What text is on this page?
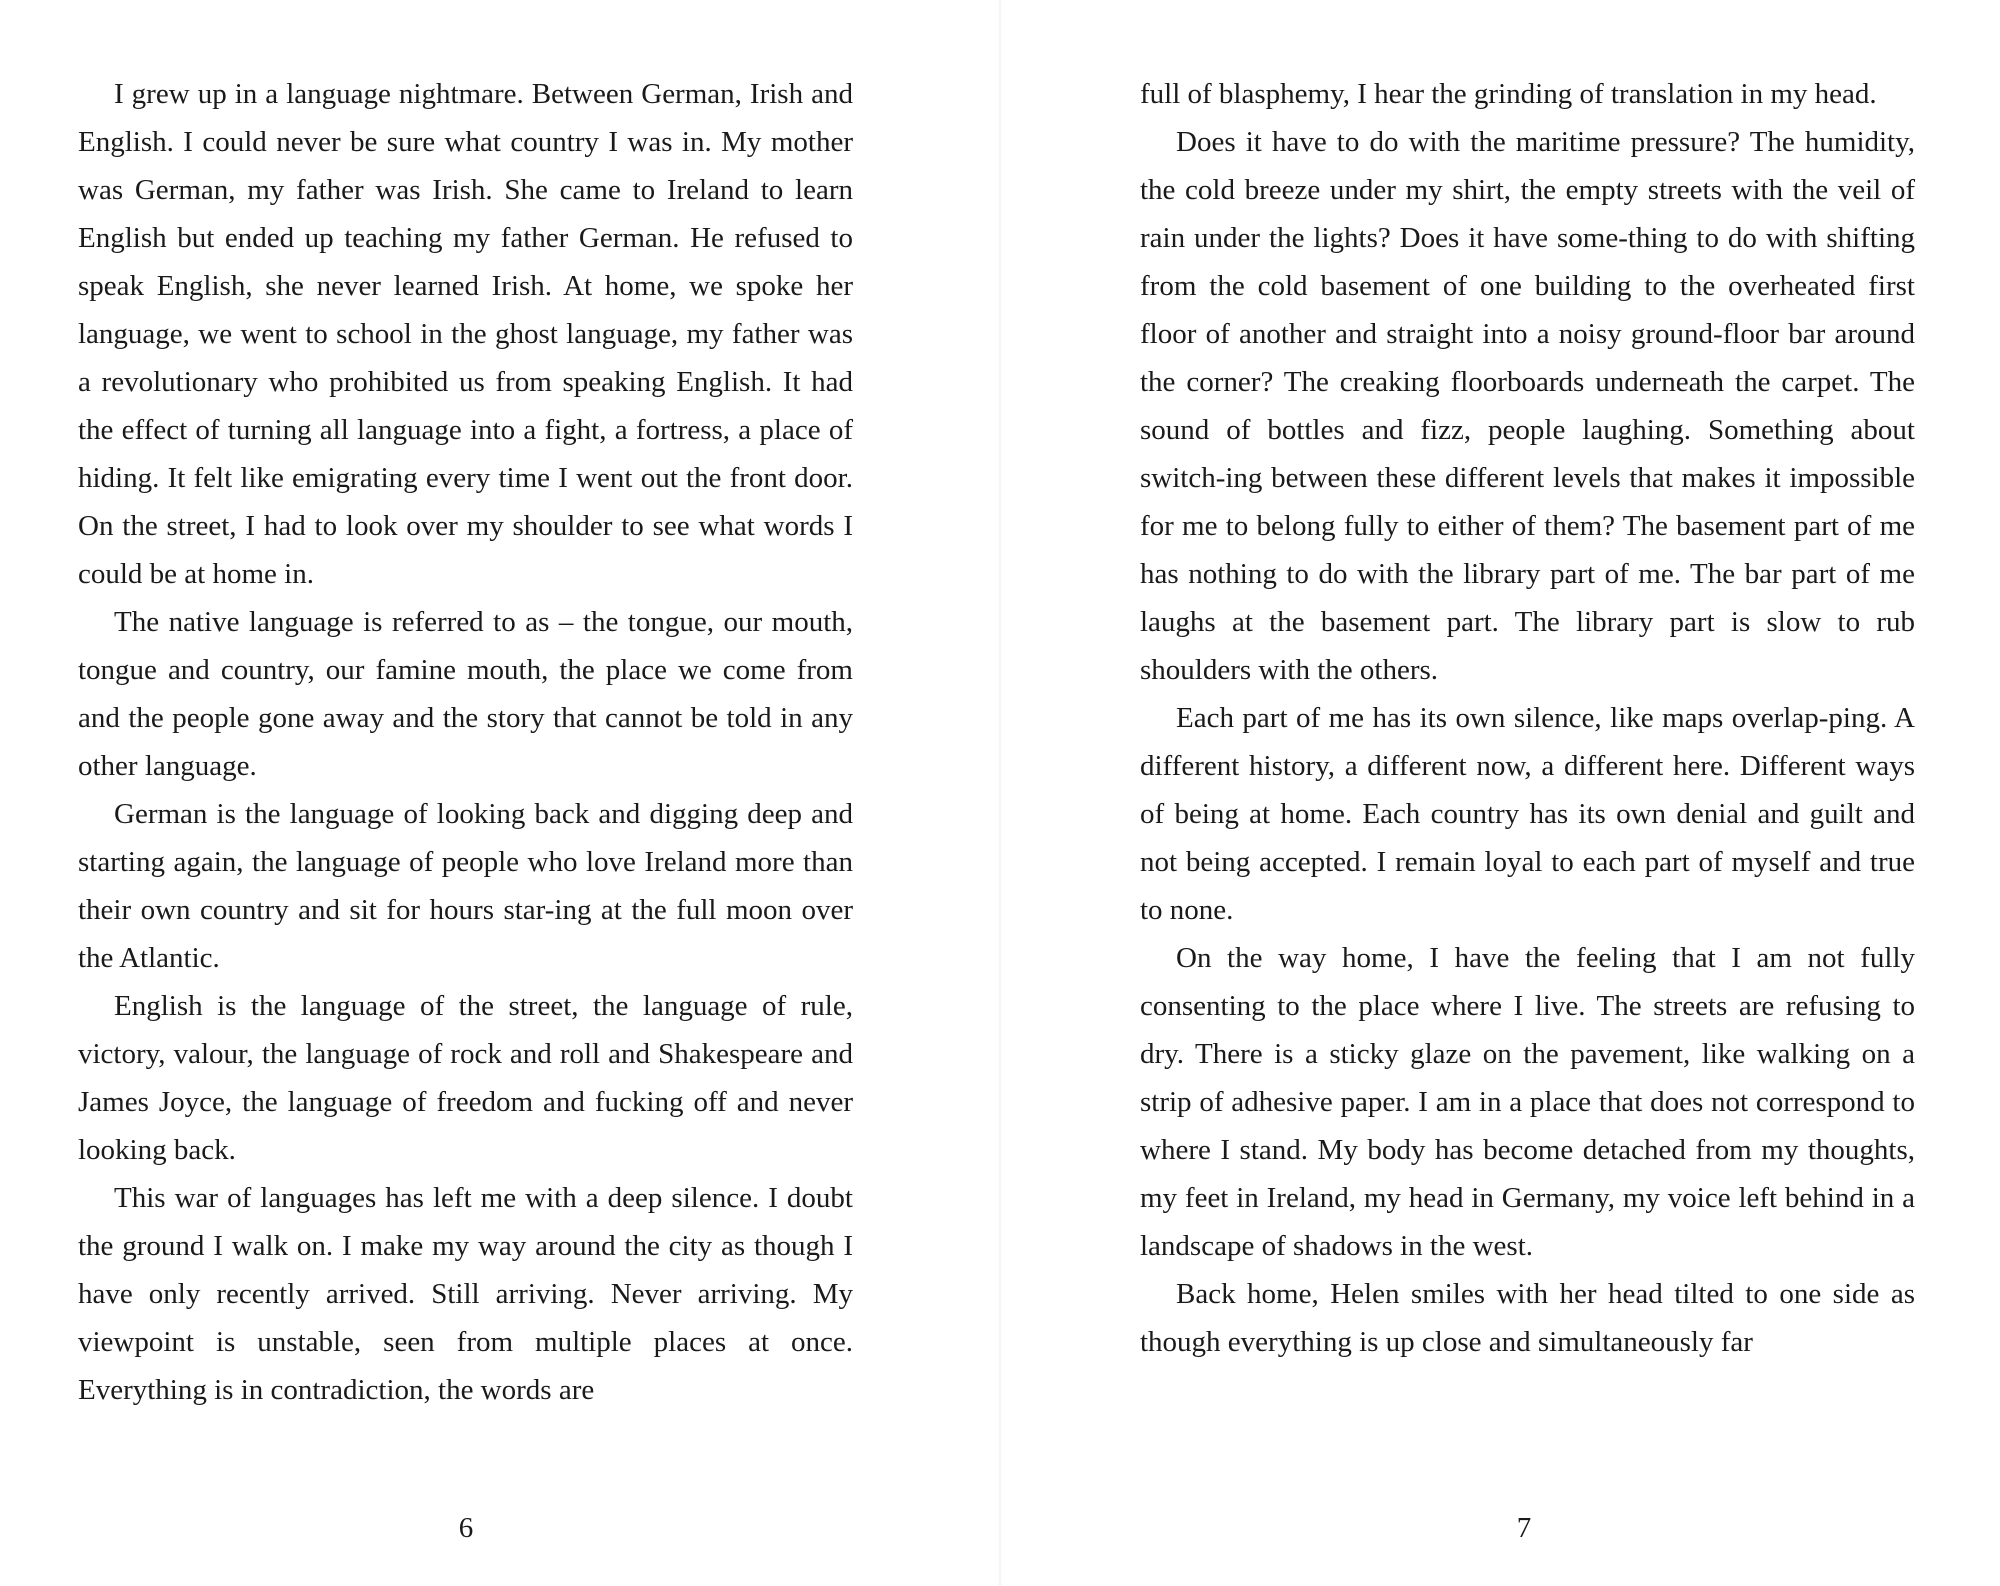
I grew up in a language nightmare. Between German, Irish and English. I could never be sure what country I was in. My mother was German, my father was Irish. She came to Ireland to learn English but ended up teaching my father German. He refused to speak English, she never learned Irish. At home, we spoke her language, we went to school in the ghost language, my father was a revolutionary who prohibited us from speaking English. It had the effect of turning all language into a fight, a fortress, a place of hiding. It felt like emigrating every time I went out the front door. On the street, I had to look over my shoulder to see what words I could be at home in.

The native language is referred to as – the tongue, our mouth, tongue and country, our famine mouth, the place we come from and the people gone away and the story that cannot be told in any other language.

German is the language of looking back and digging deep and starting again, the language of people who love Ireland more than their own country and sit for hours star-ing at the full moon over the Atlantic.

English is the language of the street, the language of rule, victory, valour, the language of rock and roll and Shakespeare and James Joyce, the language of freedom and fucking off and never looking back.

This war of languages has left me with a deep silence. I doubt the ground I walk on. I make my way around the city as though I have only recently arrived. Still arriving. Never arriving. My viewpoint is unstable, seen from multiple places at once. Everything is in contradiction, the words are

6

full of blasphemy, I hear the grinding of translation in my head.

Does it have to do with the maritime pressure? The humidity, the cold breeze under my shirt, the empty streets with the veil of rain under the lights? Does it have some-thing to do with shifting from the cold basement of one building to the overheated first floor of another and straight into a noisy ground-floor bar around the corner? The creaking floorboards underneath the carpet. The sound of bottles and fizz, people laughing. Something about switch-ing between these different levels that makes it impossible for me to belong fully to either of them? The basement part of me has nothing to do with the library part of me. The bar part of me laughs at the basement part. The library part is slow to rub shoulders with the others.

Each part of me has its own silence, like maps overlap-ping. A different history, a different now, a different here. Different ways of being at home. Each country has its own denial and guilt and not being accepted. I remain loyal to each part of myself and true to none.

On the way home, I have the feeling that I am not fully consenting to the place where I live. The streets are refusing to dry. There is a sticky glaze on the pavement, like walking on a strip of adhesive paper. I am in a place that does not correspond to where I stand. My body has become detached from my thoughts, my feet in Ireland, my head in Germany, my voice left behind in a landscape of shadows in the west.

Back home, Helen smiles with her head tilted to one side as though everything is up close and simultaneously far

7
